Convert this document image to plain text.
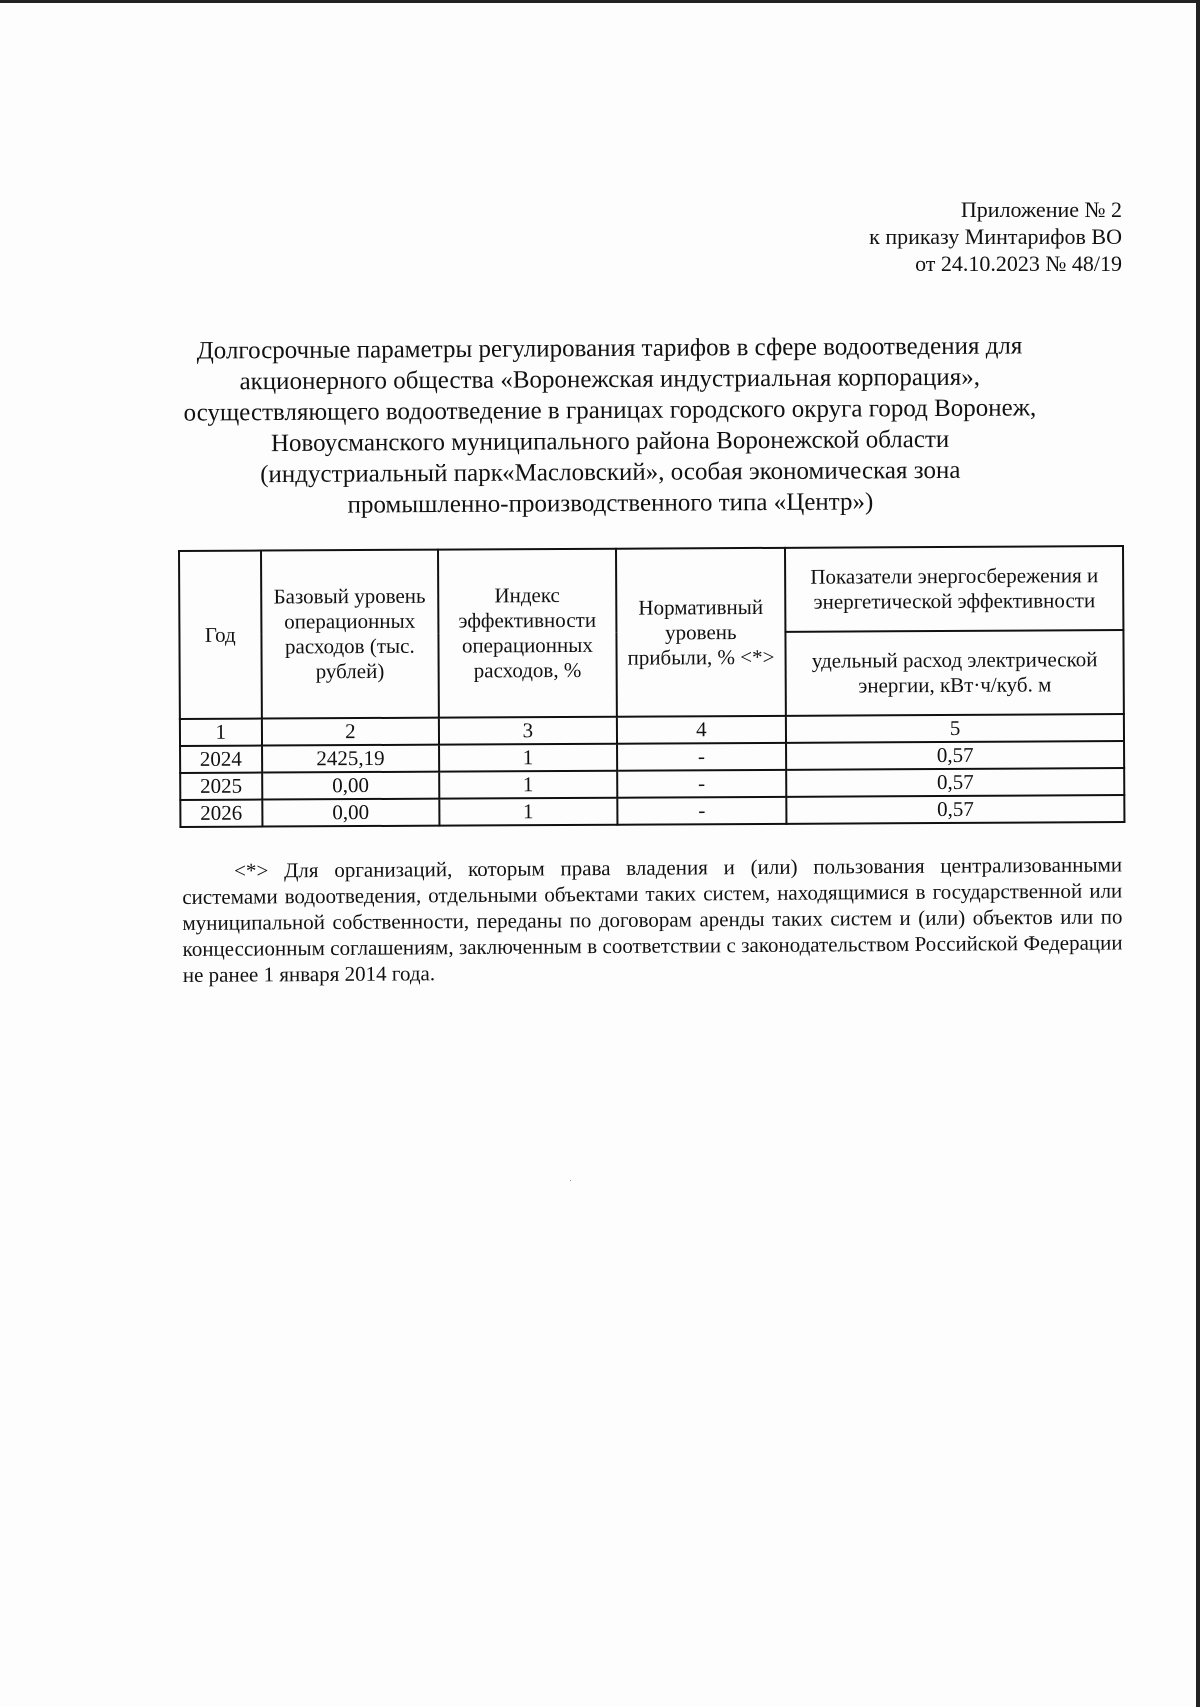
Приложение № 2
к приказу Минтарифов ВО
от 24.10.2023 № 48/19
Долгосрочные параметры регулирования тарифов в сфере водоотведения для
акционерного общества «Воронежская индустриальная корпорация»,
осуществляющего водоотведение в границах городского округа город Воронеж,
Новоусманского муниципального района Воронежской области
(индустриальный парк«Масловский», особая экономическая зона
промышленно-производственного типа «Центр»)
Год	Базовый уровень операционных расходов (тыс. рублей)	Индекс эффективности операционных расходов, %	Нормативный уровень прибыли, % <*>	Показатели энергосбережения и энергетической эффективности
				удельный расход электрической энергии, кВт·ч/куб. м
1	2	3	4	5
2024	2425,19	1	-	0,57
2025	0,00	1	-	0,57
2026	0,00	1	-	0,57

<*> Для организаций, которым права владения и (или) пользования централизованными системами водоотведения, отдельными объектами таких систем, находящимися в государственной или муниципальной собственности, переданы по договорам аренды таких систем и (или) объектов или по концессионным соглашениям, заключенным в соответствии с законодательством Российской Федерации не ранее 1 января 2014 года.
